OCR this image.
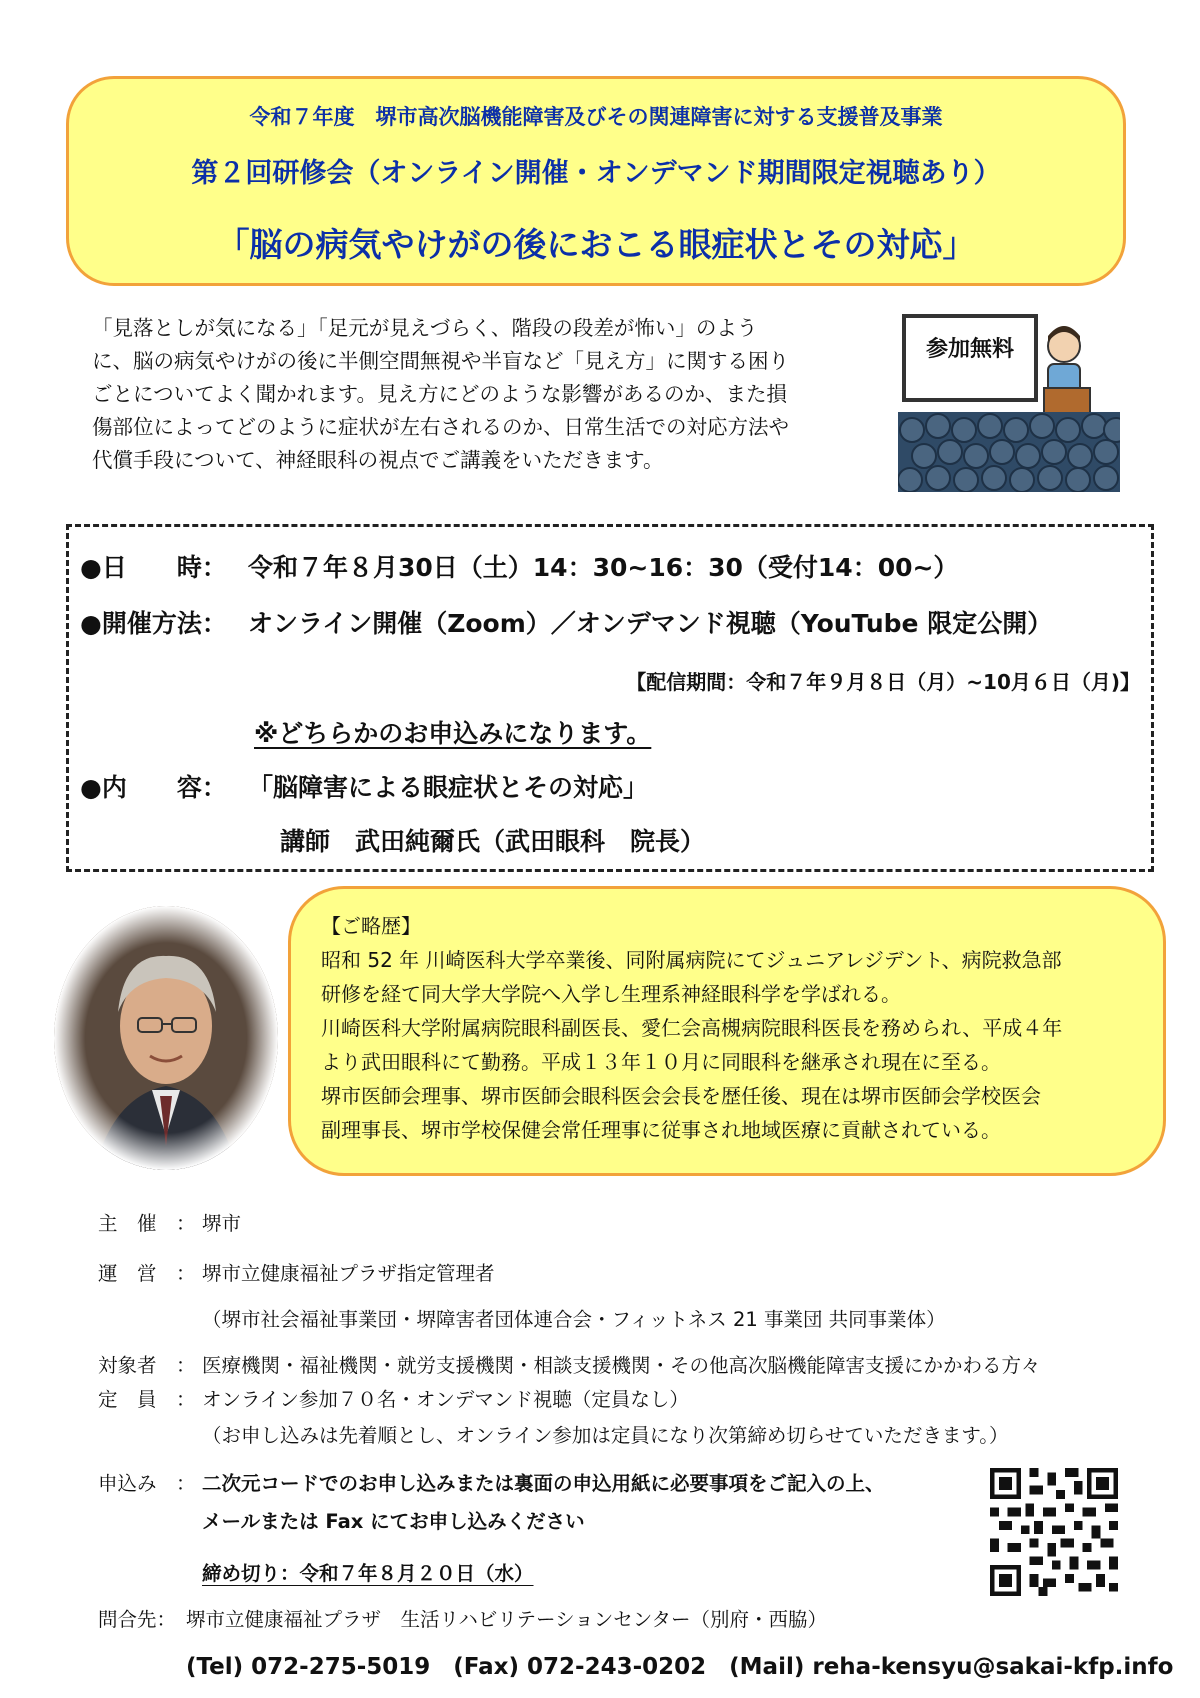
令和７年度　堺市高次脳機能障害及びその関連障害に対する支援普及事業
第２回研修会（オンライン開催・オンデマンド期間限定視聴あり）
「脳の病気やけがの後におこる眼症状とその対応」
「見落としが気になる」「足元が見えづらく、階段の段差が怖い」のよう
に、脳の病気やけがの後に半側空間無視や半盲など「見え方」に関する困り
ごとについてよく聞かれます。見え方にどのような影響があるのか、また損
傷部位によってどのように症状が左右されるのか、日常生活での対応方法や
代償手段について、神経眼科の視点でご講義をいただきます。
参加無料
●日　　時： 令和７年８月30日（土）14：30~16：30（受付14：00~）
●開催方法： オンライン開催（Zoom）／オンデマンド視聴（YouTube 限定公開）
【配信期間：令和７年９月８日（月）~10月６日（月)】
※どちらかのお申込みになります。
●内　　容： 「脳障害による眼症状とその対応」
講師　武田純爾氏（武田眼科　院長）
【ご略歴】
昭和 52 年 川崎医科大学卒業後、同附属病院にてジュニアレジデント、病院救急部
研修を経て同大学大学院へ入学し生理系神経眼科学を学ばれる。
川崎医科大学附属病院眼科副医長、愛仁会高槻病院眼科医長を務められ、平成４年
より武田眼科にて勤務。平成１３年１０月に同眼科を継承され現在に至る。
堺市医師会理事、堺市医師会眼科医会会長を歴任後、現在は堺市医師会学校医会
副理事長、堺市学校保健会常任理事に従事され地域医療に貢献されている。
主　催　： 堺市
運　営　： 堺市立健康福祉プラザ指定管理者
（堺市社会福祉事業団・堺障害者団体連合会・フィットネス 21 事業団 共同事業体）
対象者　： 医療機関・福祉機関・就労支援機関・相談支援機関・その他高次脳機能障害支援にかかわる方々
定　員　： オンライン参加７０名・オンデマンド視聴（定員なし）
（お申し込みは先着順とし、オンライン参加は定員になり次第締め切らせていただきます。）
申込み　： 二次元コードでのお申し込みまたは裏面の申込用紙に必要事項をご記入の上、
メールまたは Fax にてお申し込みください
締め切り：令和７年８月２０日（水）
問合先： 堺市立健康福祉プラザ　生活リハビリテーションセンター（別府・西脇）
(Tel) 072-275-5019　(Fax) 072-243-0202　(Mail) reha-kensyu@sakai-kfp.info
